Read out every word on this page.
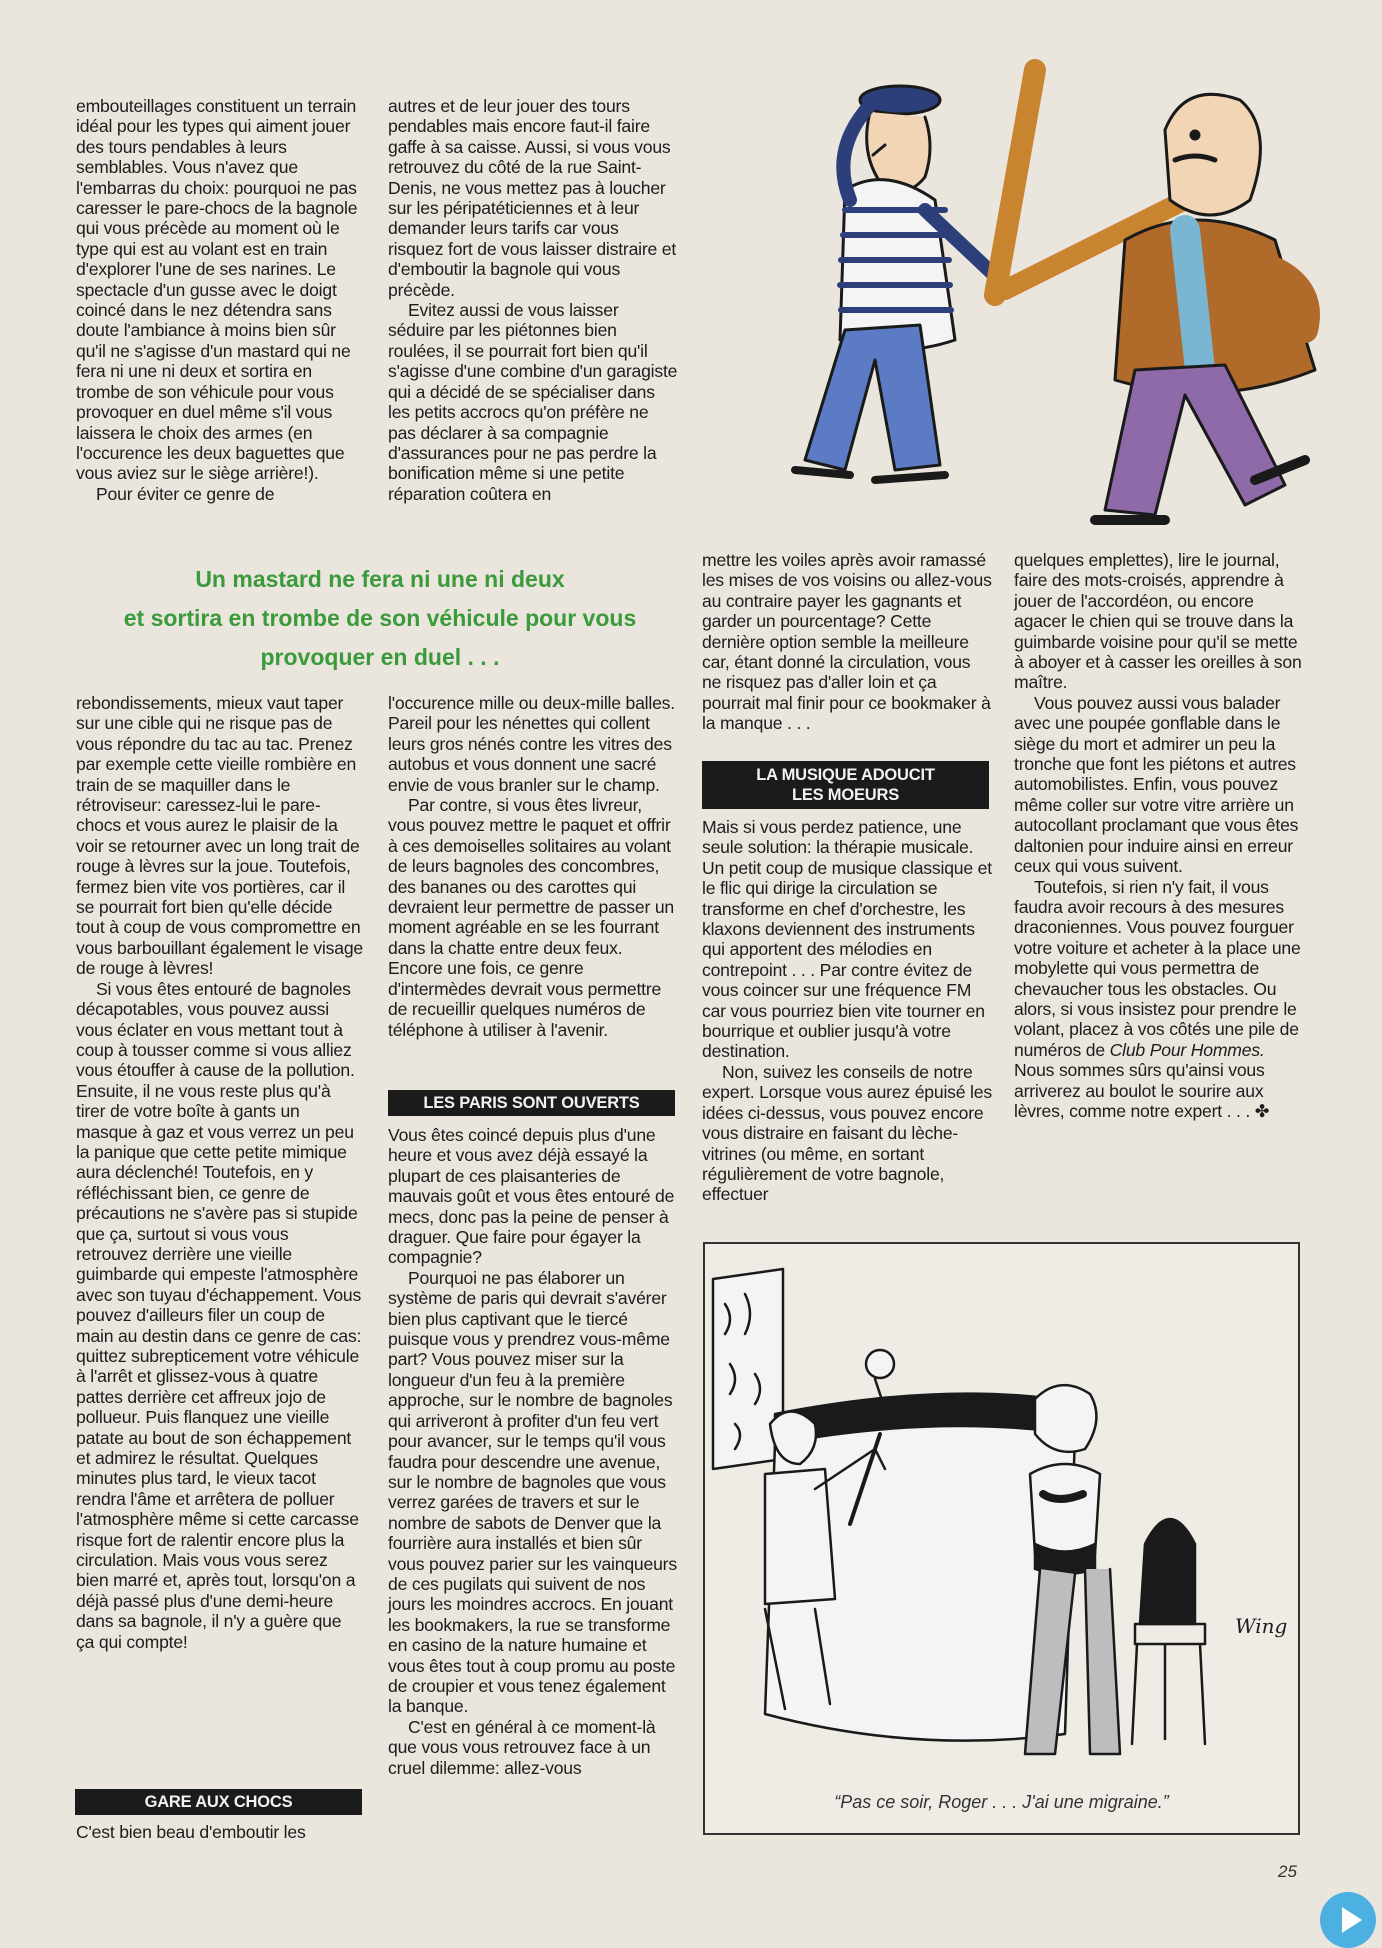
embouteillages constituent un terrain idéal pour les types qui aiment jouer des tours pendables à leurs semblables. Vous n'avez que l'embarras du choix: pourquoi ne pas caresser le pare-chocs de la bagnole qui vous précède au moment où le type qui est au volant est en train d'explorer l'une de ses narines. Le spectacle d'un gusse avec le doigt coincé dans le nez détendra sans doute l'ambiance à moins bien sûr qu'il ne s'agisse d'un mastard qui ne fera ni une ni deux et sortira en trombe de son véhicule pour vous provoquer en duel même s'il vous laissera le choix des armes (en l'occurence les deux baguettes que vous aviez sur le siège arrière!).

Pour éviter ce genre de

autres et de leur jouer des tours pendables mais encore faut-il faire gaffe à sa caisse. Aussi, si vous vous retrouvez du côté de la rue Saint-Denis, ne vous mettez pas à loucher sur les péripatéticiennes et à leur demander leurs tarifs car vous risquez fort de vous laisser distraire et d'emboutir la bagnole qui vous précède.

Evitez aussi de vous laisser séduire par les piétonnes bien roulées, il se pourrait fort bien qu'il s'agisse d'une combine d'un garagiste qui a décidé de se spécialiser dans les petits accrocs qu'on préfère ne pas déclarer à sa compagnie d'assurances pour ne pas perdre la bonification même si une petite réparation coûtera en

Un mastard ne fera ni une ni deux
et sortira en trombe de son véhicule pour vous
provoquer en duel . . .

rebondissements, mieux vaut taper sur une cible qui ne risque pas de vous répondre du tac au tac. Prenez par exemple cette vieille rombière en train de se maquiller dans le rétroviseur: caressez-lui le pare-chocs et vous aurez le plaisir de la voir se retourner avec un long trait de rouge à lèvres sur la joue. Toutefois, fermez bien vite vos portières, car il se pourrait fort bien qu'elle décide tout à coup de vous compromettre en vous barbouillant également le visage de rouge à lèvres!

Si vous êtes entouré de bagnoles décapotables, vous pouvez aussi vous éclater en vous mettant tout à coup à tousser comme si vous alliez vous étouffer à cause de la pollution. Ensuite, il ne vous reste plus qu'à tirer de votre boîte à gants un masque à gaz et vous verrez un peu la panique que cette petite mimique aura déclenché! Toutefois, en y réfléchissant bien, ce genre de précautions ne s'avère pas si stupide que ça, surtout si vous vous retrouvez derrière une vieille guimbarde qui empeste l'atmosphère avec son tuyau d'échappement. Vous pouvez d'ailleurs filer un coup de main au destin dans ce genre de cas: quittez subrepticement votre véhicule à l'arrêt et glissez-vous à quatre pattes derrière cet affreux jojo de pollueur. Puis flanquez une vieille patate au bout de son échappement et admirez le résultat. Quelques minutes plus tard, le vieux tacot rendra l'âme et arrêtera de polluer l'atmosphère même si cette carcasse risque fort de ralentir encore plus la circulation. Mais vous vous serez bien marré et, après tout, lorsqu'on a déjà passé plus d'une demi-heure dans sa bagnole, il n'y a guère que ça qui compte!

GARE AUX CHOCS

C'est bien beau d'emboutir les

l'occurence mille ou deux-mille balles. Pareil pour les nénettes qui collent leurs gros nénés contre les vitres des autobus et vous donnent une sacré envie de vous branler sur le champ.

Par contre, si vous êtes livreur, vous pouvez mettre le paquet et offrir à ces demoiselles solitaires au volant de leurs bagnoles des concombres, des bananes ou des carottes qui devraient leur permettre de passer un moment agréable en se les fourrant dans la chatte entre deux feux. Encore une fois, ce genre d'intermèdes devrait vous permettre de recueillir quelques numéros de téléphone à utiliser à l'avenir.

LES PARIS SONT OUVERTS

Vous êtes coincé depuis plus d'une heure et vous avez déjà essayé la plupart de ces plaisanteries de mauvais goût et vous êtes entouré de mecs, donc pas la peine de penser à draguer. Que faire pour égayer la compagnie?

Pourquoi ne pas élaborer un système de paris qui devrait s'avérer bien plus captivant que le tiercé puisque vous y prendrez vous-même part? Vous pouvez miser sur la longueur d'un feu à la première approche, sur le nombre de bagnoles qui arriveront à profiter d'un feu vert pour avancer, sur le temps qu'il vous faudra pour descendre une avenue, sur le nombre de bagnoles que vous verrez garées de travers et sur le nombre de sabots de Denver que la fourrière aura installés et bien sûr vous pouvez parier sur les vainqueurs de ces pugilats qui suivent de nos jours les moindres accrocs. En jouant les bookmakers, la rue se transforme en casino de la nature humaine et vous êtes tout à coup promu au poste de croupier et vous tenez également la banque.

C'est en général à ce moment-là que vous vous retrouvez face à un cruel dilemme: allez-vous

mettre les voiles après avoir ramassé les mises de vos voisins ou allez-vous au contraire payer les gagnants et garder un pourcentage? Cette dernière option semble la meilleure car, étant donné la circulation, vous ne risquez pas d'aller loin et ça pourrait mal finir pour ce bookmaker à la manque . . .

LA MUSIQUE ADOUCIT
LES MOEURS

Mais si vous perdez patience, une seule solution: la thérapie musicale. Un petit coup de musique classique et le flic qui dirige la circulation se transforme en chef d'orchestre, les klaxons deviennent des instruments qui apportent des mélodies en contrepoint . . . Par contre évitez de vous coincer sur une fréquence FM car vous pourriez bien vite tourner en bourrique et oublier jusqu'à votre destination.

Non, suivez les conseils de notre expert. Lorsque vous aurez épuisé les idées ci-dessus, vous pouvez encore vous distraire en faisant du lèche-vitrines (ou même, en sortant régulièrement de votre bagnole, effectuer

quelques emplettes), lire le journal, faire des mots-croisés, apprendre à jouer de l'accordéon, ou encore agacer le chien qui se trouve dans la guimbarde voisine pour qu'il se mette à aboyer et à casser les oreilles à son maître.

Vous pouvez aussi vous balader avec une poupée gonflable dans le siège du mort et admirer un peu la tronche que font les piétons et autres automobilistes. Enfin, vous pouvez même coller sur votre vitre arrière un autocollant proclamant que vous êtes daltonien pour induire ainsi en erreur ceux qui vous suivent.

Toutefois, si rien n'y fait, il vous faudra avoir recours à des mesures draconiennes. Vous pouvez fourguer votre voiture et acheter à la place une mobylette qui vous permettra de chevaucher tous les obstacles. Ou alors, si vous insistez pour prendre le volant, placez à vos côtés une pile de numéros de Club Pour Hommes. Nous sommes sûrs qu'ainsi vous arriverez au boulot le sourire aux lèvres, comme notre expert . . . ✤

Wing
“Pas ce soir, Roger . . . J'ai une migraine.”
25
